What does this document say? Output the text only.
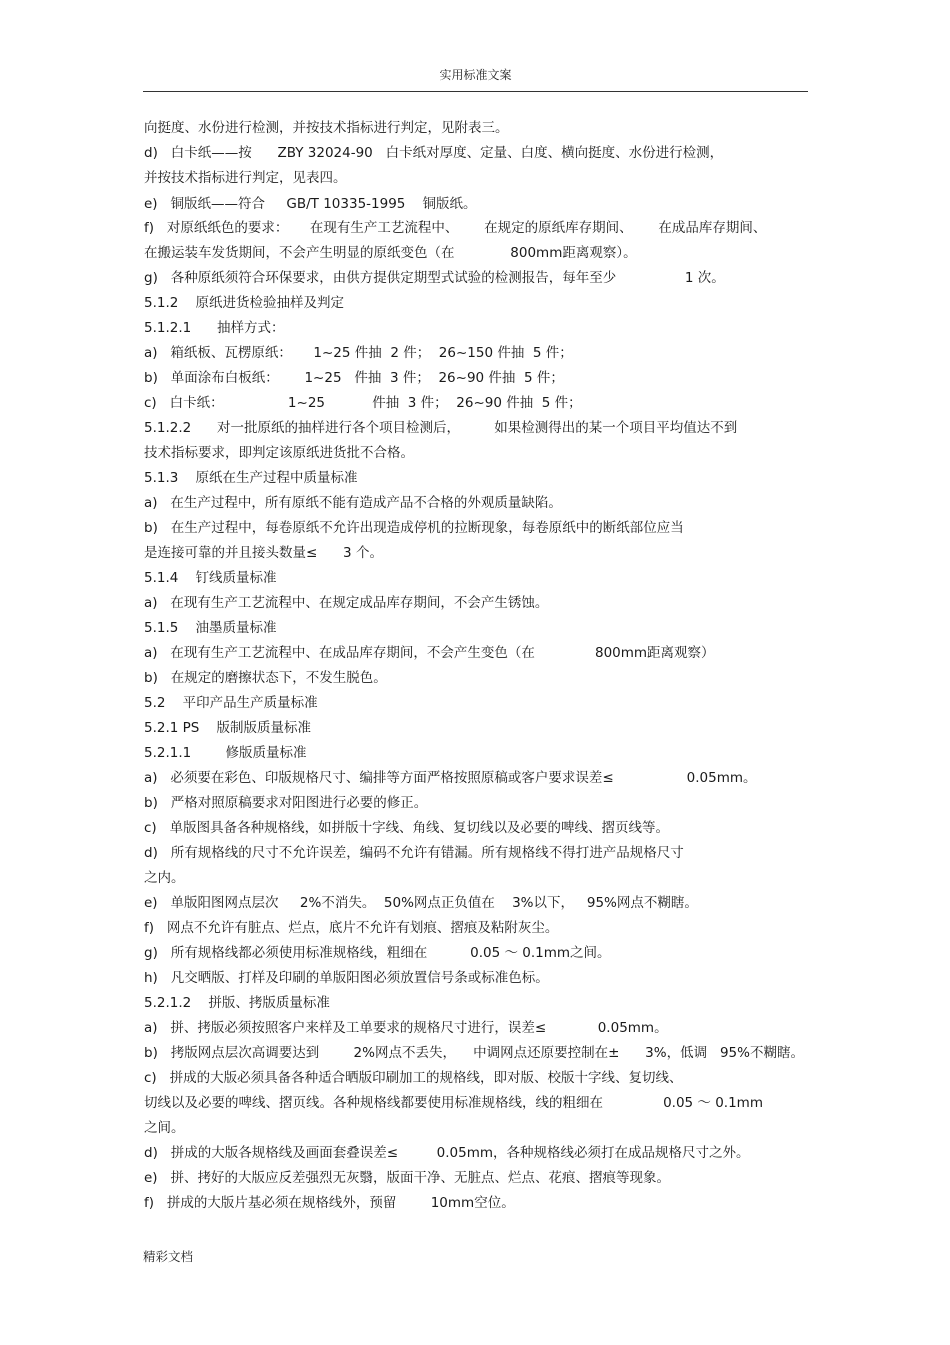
实用标准文案
向挺度、水份进行检测，并按技术指标进行判定，见附表三。
d)   白卡纸——按      ZBY 32024-90   白卡纸对厚度、定量、白度、横向挺度、水份进行检测，
并按技术指标进行判定，见表四。
e)   铜版纸——符合     GB/T 10335-1995    铜版纸。
f)   对原纸纸色的要求：     在现有生产工艺流程中、      在规定的原纸库存期间、      在成品库存期间、
在搬运装车发货期间，不会产生明显的原纸变色（在             800mm距离观察）。
g)   各种原纸须符合环保要求，由供方提供定期型式试验的检测报告，每年至少                1 次。
5.1.2    原纸进货检验抽样及判定
5.1.2.1      抽样方式：
a)   箱纸板、瓦楞原纸：     1~25 件抽  2 件；  26~150 件抽  5 件；
b)   单面涂布白板纸：      1~25   件抽  3 件；  26~90 件抽  5 件；
c)   白卡纸：               1~25           件抽  3 件；  26~90 件抽  5 件；
5.1.2.2      对一批原纸的抽样进行各个项目检测后，        如果检测得出的某一个项目平均值达不到
技术指标要求，即判定该原纸进货批不合格。
5.1.3    原纸在生产过程中质量标准
a)   在生产过程中，所有原纸不能有造成产品不合格的外观质量缺陷。
b)   在生产过程中，每卷原纸不允许出现造成停机的拉断现象，每卷原纸中的断纸部位应当
是连接可靠的并且接头数量≤      3 个。
5.1.4    钉线质量标准
a)   在现有生产工艺流程中、在规定成品库存期间，不会产生锈蚀。
5.1.5    油墨质量标准
a)   在现有生产工艺流程中、在成品库存期间，不会产生变色（在              800mm距离观察）
b)   在规定的磨擦状态下，不发生脱色。
5.2    平印产品生产质量标准
5.2.1 PS    版制版质量标准
5.2.1.1        修版质量标准
a)   必须要在彩色、印版规格尺寸、编排等方面严格按照原稿或客户要求误差≤                 0.05mm。
b)   严格对照原稿要求对阳图进行必要的修正。
c)   单版图具备各种规格线，如拼版十字线、角线、复切线以及必要的啤线、摺页线等。
d)   所有规格线的尺寸不允许误差，编码不允许有错漏。所有规格线不得打进产品规格尺寸
之内。
e)   单版阳图网点层次     2%不消失。  50%网点正负值在    3%以下，   95%网点不糊瞎。
f)   网点不允许有脏点、烂点，底片不允许有划痕、摺痕及粘附灰尘。
g)   所有规格线都必须使用标准规格线，粗细在          0.05 ～ 0.1mm之间。
h)   凡交晒版、打样及印刷的单版阳图必须放置信号条或标准色标。
5.2.1.2    拼版、拷版质量标准
a)   拼、拷版必须按照客户来样及工单要求的规格尺寸进行，误差≤            0.05mm。
b)   拷版网点层次高调要达到        2%网点不丢失，    中调网点还原要控制在±      3%，低调   95%不糊瞎。
c)   拼成的大版必须具备各种适合晒版印刷加工的规格线，即对版、校版十字线、复切线、
切线以及必要的啤线、摺页线。各种规格线都要使用标准规格线，线的粗细在              0.05 ～ 0.1mm
之间。
d)   拼成的大版各规格线及画面套叠误差≤         0.05mm，各种规格线必须打在成品规格尺寸之外。
e)   拼、拷好的大版应反差强烈无灰翳，版面干净、无脏点、烂点、花痕、摺痕等现象。
f)   拼成的大版片基必须在规格线外，预留        10mm空位。
精彩文档
